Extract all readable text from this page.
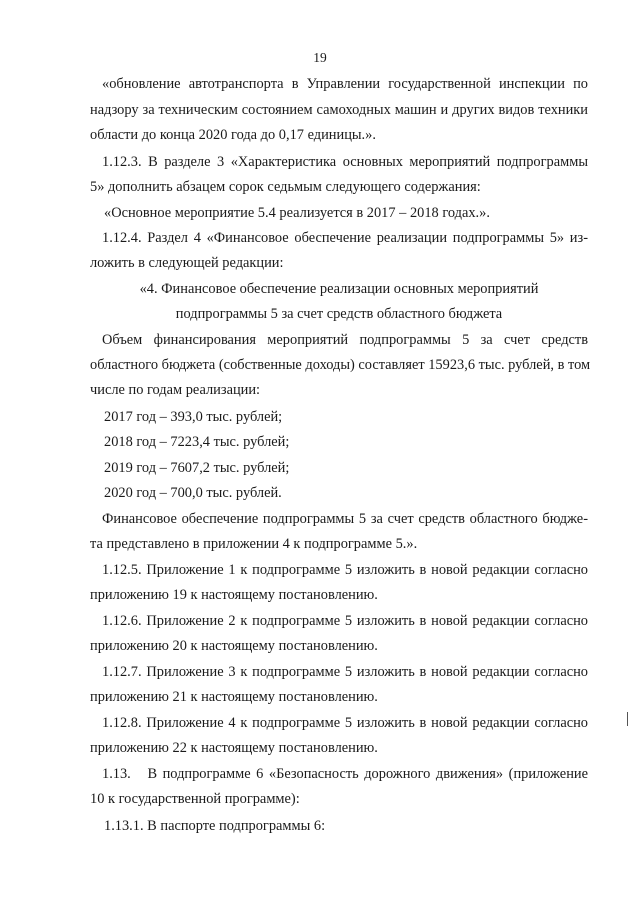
19
«обновление автотранспорта в Управлении государственной инспекции по
надзору за техническим состоянием самоходных машин и других видов техники
области до конца 2020 года до 0,17 единицы.».
1.12.3. В разделе 3 «Характеристика основных мероприятий подпрограммы
5» дополнить абзацем сорок седьмым следующего содержания:
«Основное мероприятие 5.4 реализуется в 2017 – 2018 годах.».
1.12.4. Раздел 4 «Финансовое обеспечение реализации подпрограммы 5» из-
ложить в следующей редакции:
«4. Финансовое обеспечение реализации основных мероприятий
подпрограммы 5 за счет средств областного бюджета
Объем финансирования мероприятий подпрограммы 5 за счет средств
областного бюджета (собственные доходы) составляет 15923,6 тыс. рублей, в том
числе по годам реализации:
2017 год – 393,0 тыс. рублей;
2018 год – 7223,4 тыс. рублей;
2019 год – 7607,2 тыс. рублей;
2020 год – 700,0 тыс. рублей.
Финансовое обеспечение подпрограммы 5 за счет средств областного бюдже-
та представлено в приложении 4 к подпрограмме 5.».
1.12.5. Приложение 1 к подпрограмме 5 изложить в новой редакции согласно
приложению 19 к настоящему постановлению.
1.12.6. Приложение 2 к подпрограмме 5 изложить в новой редакции согласно
приложению 20 к настоящему постановлению.
1.12.7. Приложение 3 к подпрограмме 5 изложить в новой редакции согласно
приложению 21 к настоящему постановлению.
1.12.8. Приложение 4 к подпрограмме 5 изложить в новой редакции согласно
приложению 22 к настоящему постановлению.
1.13.   В подпрограмме 6 «Безопасность дорожного движения» (приложение
10 к государственной программе):
1.13.1. В паспорте подпрограммы 6:
